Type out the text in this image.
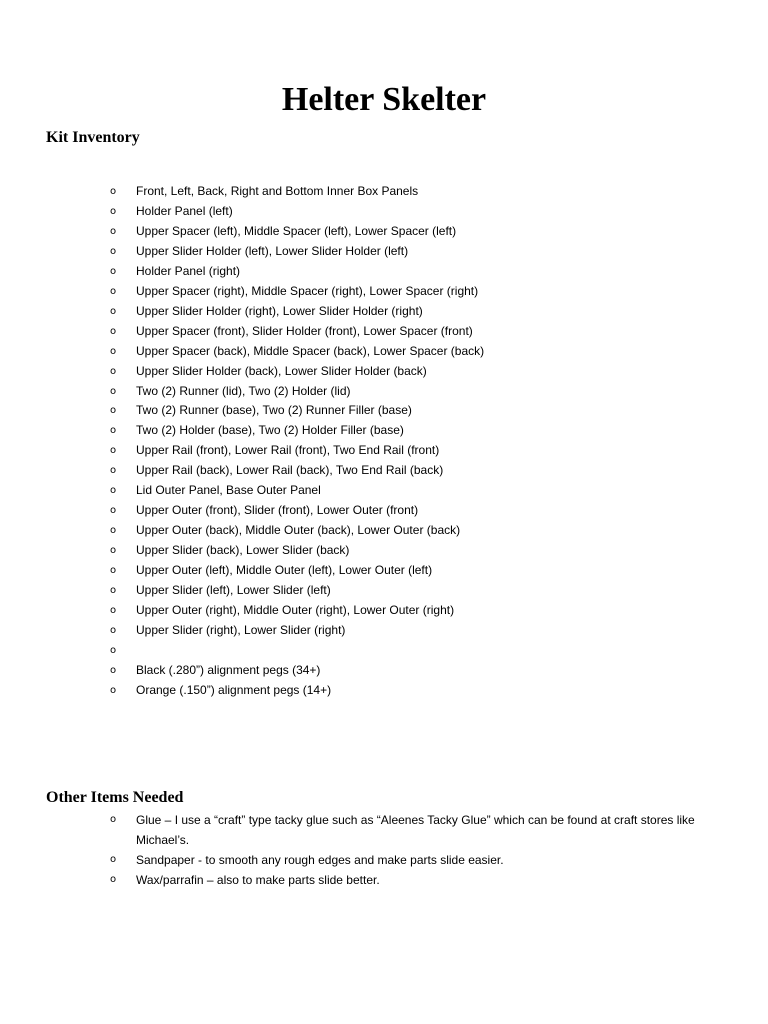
Helter Skelter
Kit Inventory
o Front, Left, Back, Right and Bottom Inner Box Panels
o Holder Panel (left)
o Upper Spacer (left), Middle Spacer (left), Lower Spacer (left)
o Upper Slider Holder (left), Lower Slider Holder (left)
o Holder Panel (right)
o Upper Spacer (right), Middle Spacer (right), Lower Spacer (right)
o Upper Slider Holder (right), Lower Slider Holder (right)
o Upper Spacer (front), Slider Holder (front), Lower Spacer (front)
o Upper Spacer (back), Middle Spacer (back), Lower Spacer (back)
o Upper Slider Holder (back), Lower Slider Holder (back)
o Two (2) Runner (lid), Two (2) Holder (lid)
o Two (2) Runner (base), Two (2) Runner Filler (base)
o Two (2) Holder (base), Two (2) Holder Filler (base)
o Upper Rail (front), Lower Rail (front), Two End Rail (front)
o Upper Rail (back), Lower Rail (back), Two End Rail (back)
o Lid Outer Panel, Base Outer Panel
o Upper Outer (front), Slider (front), Lower Outer (front)
o Upper Outer (back), Middle Outer (back), Lower Outer (back)
o Upper Slider (back), Lower Slider (back)
o Upper Outer (left), Middle Outer (left), Lower Outer (left)
o Upper Slider (left), Lower Slider (left)
o Upper Outer (right), Middle Outer (right), Lower Outer (right)
o Upper Slider (right), Lower Slider (right)
o
o Black (.280”) alignment pegs (34+)
o Orange (.150”) alignment pegs (14+)
Other Items Needed
o Glue – I use a “craft” type tacky glue such as “Aleenes Tacky Glue” which can be found at craft stores like Michael’s.
o Sandpaper - to smooth any rough edges and make parts slide easier.
o Wax/parrafin – also to make parts slide better.
